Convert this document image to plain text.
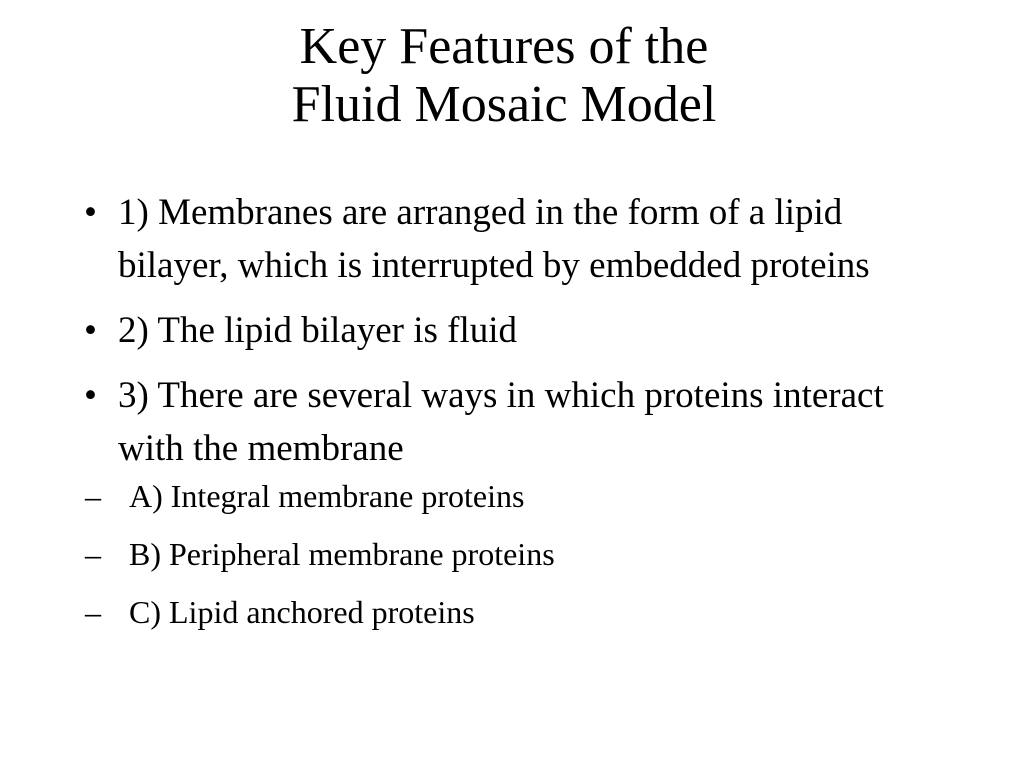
Key Features of the
Fluid Mosaic Model
• 1) Membranes are arranged in the form of a lipid bilayer, which is interrupted by embedded proteins
• 2) The lipid bilayer is fluid
• 3) There are several ways in which proteins interact with the membrane
– A) Integral membrane proteins
– B) Peripheral membrane proteins
– C) Lipid anchored proteins
